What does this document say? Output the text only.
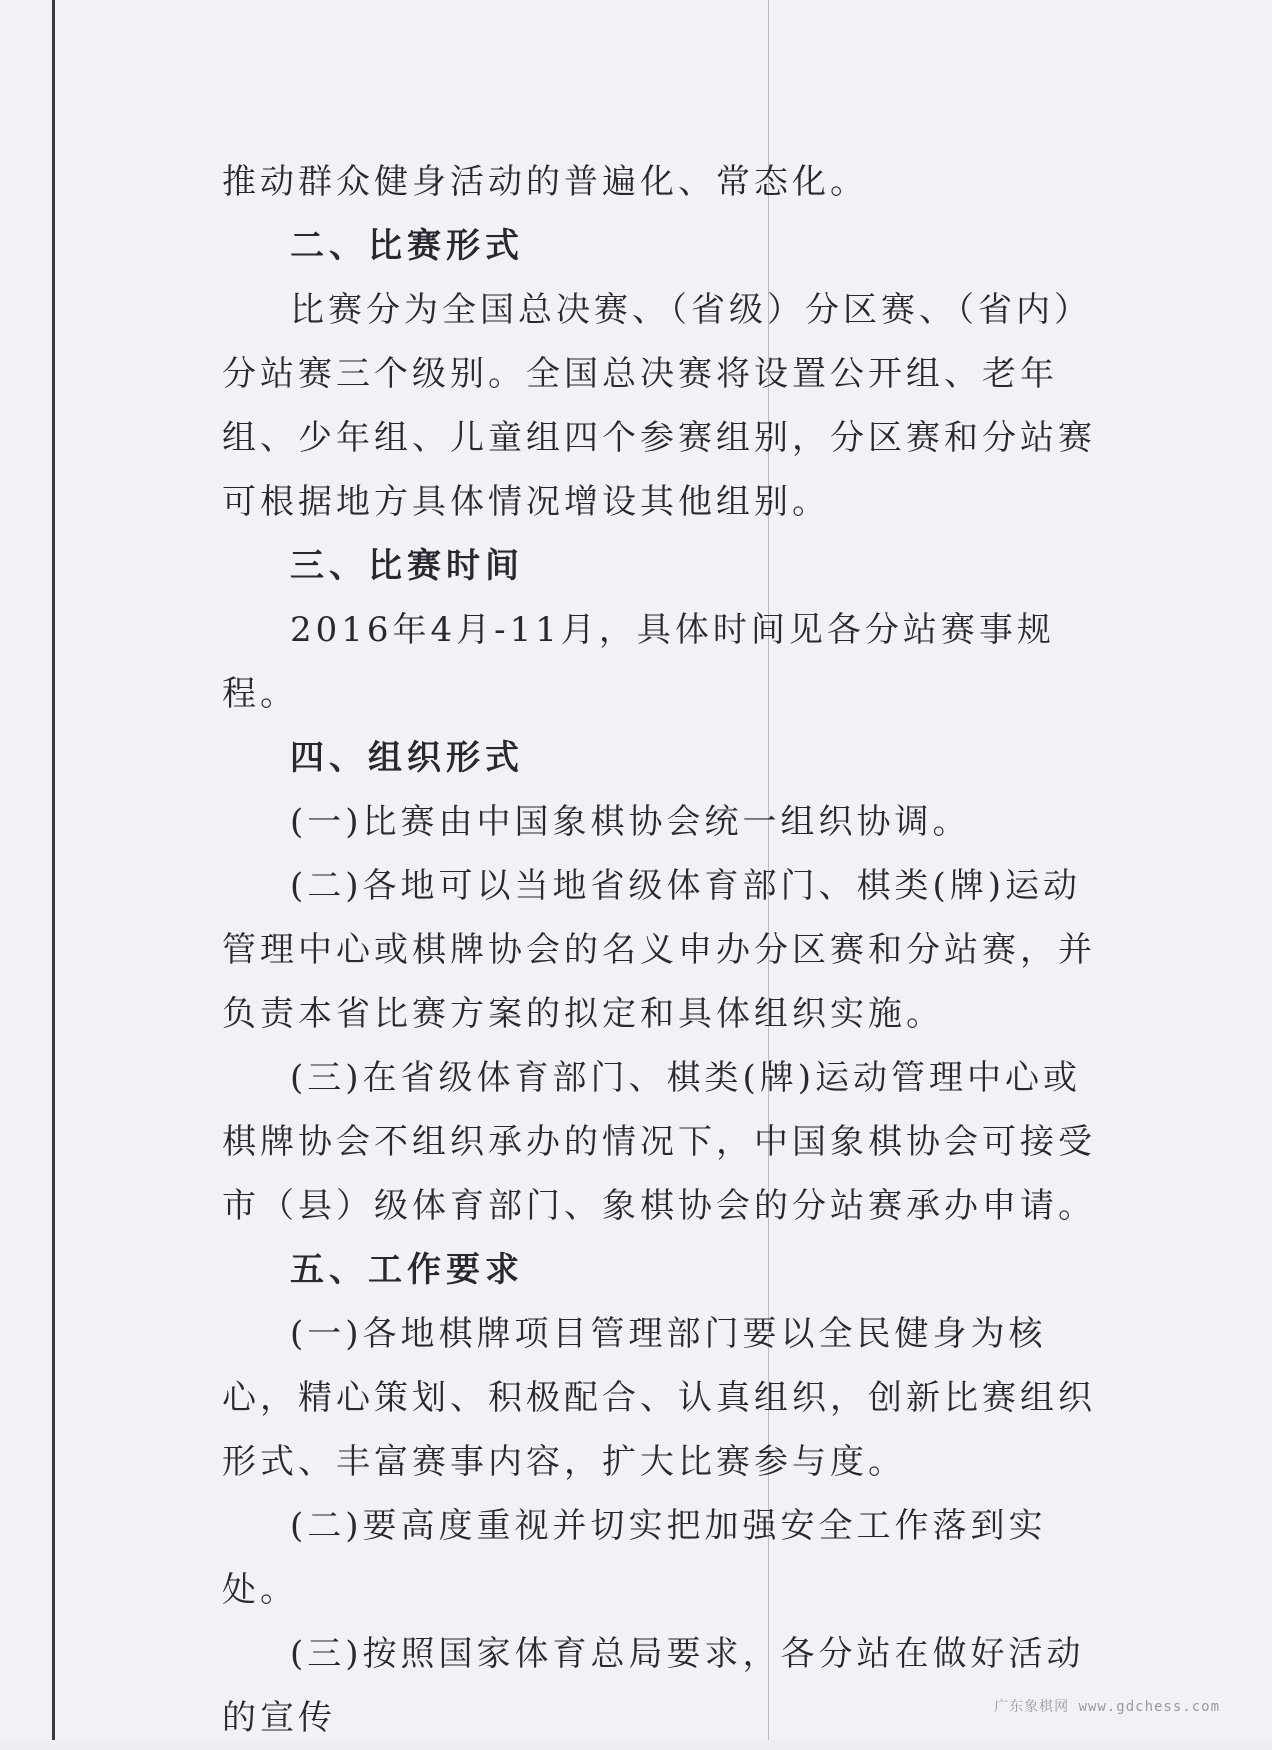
推动群众健身活动的普遍化、常态化。

二、比赛形式

比赛分为全国总决赛、（省级）分区赛、（省内）分站赛三个级别。全国总决赛将设置公开组、老年组、少年组、儿童组四个参赛组别，分区赛和分站赛可根据地方具体情况增设其他组别。

三、比赛时间

2016年4月-11月，具体时间见各分站赛事规程。

四、组织形式

(一)比赛由中国象棋协会统一组织协调。

(二)各地可以当地省级体育部门、棋类(牌)运动管理中心或棋牌协会的名义申办分区赛和分站赛，并负责本省比赛方案的拟定和具体组织实施。

(三)在省级体育部门、棋类(牌)运动管理中心或棋牌协会不组织承办的情况下，中国象棋协会可接受市（县）级体育部门、象棋协会的分站赛承办申请。

五、工作要求

(一)各地棋牌项目管理部门要以全民健身为核心，精心策划、积极配合、认真组织，创新比赛组织形式、丰富赛事内容，扩大比赛参与度。

(二)要高度重视并切实把加强安全工作落到实处。

(三)按照国家体育总局要求，各分站在做好活动的宣传	广东象棋网 www.gdchess.com
